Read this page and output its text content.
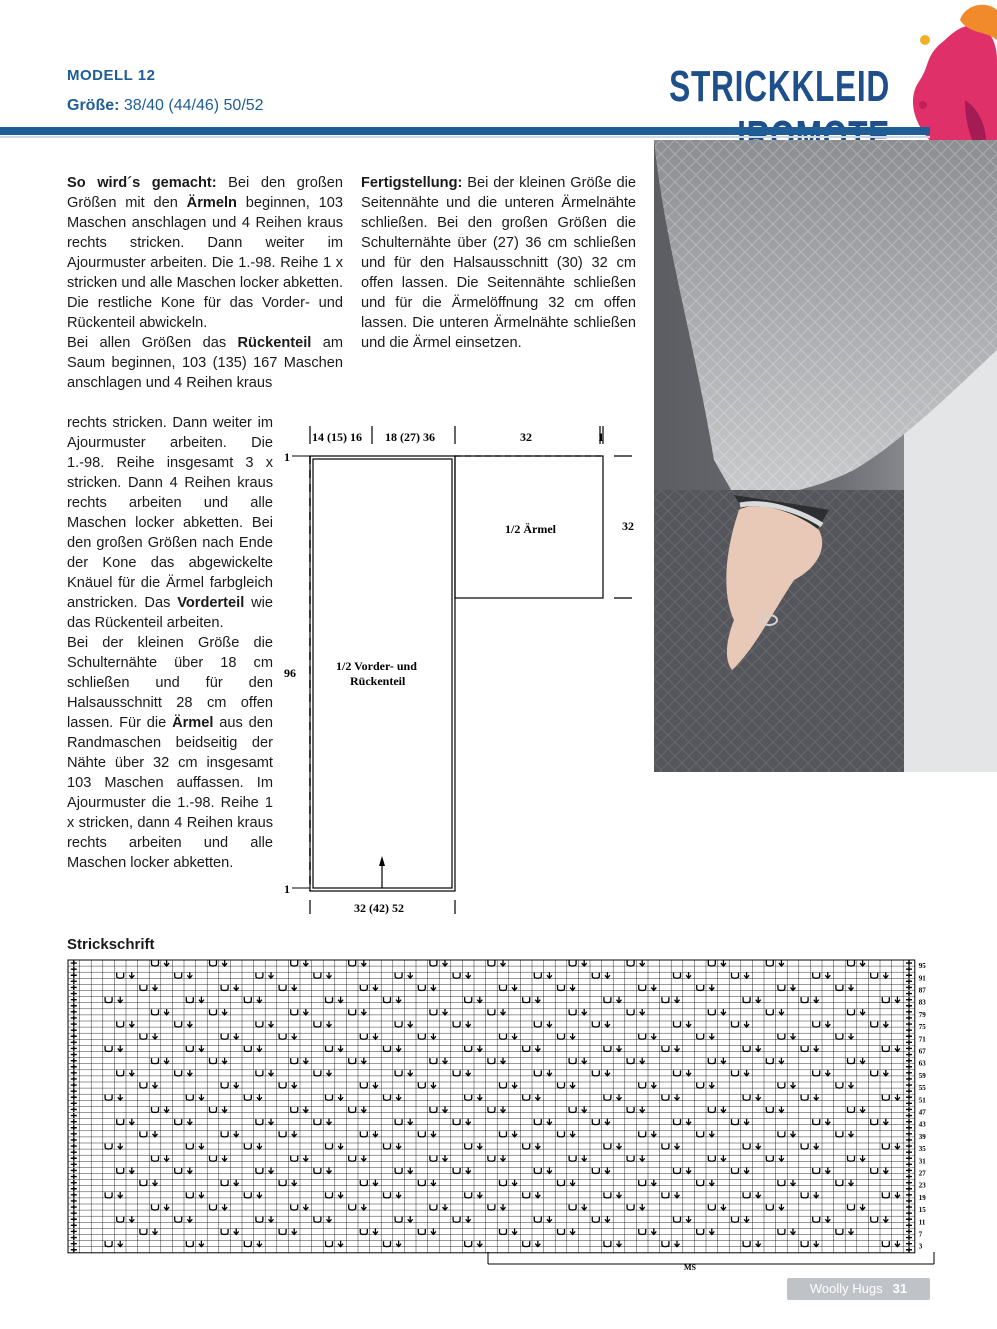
MODELL 12
Größe: 38/40 (44/46) 50/52	STRICKKLEID
So wird´s gemacht: Bei den großen Größen mit den Ärmeln beginnen, 103 Maschen anschlagen und 4 Reihen kraus rechts stricken. Dann weiter im Ajourmuster arbeiten. Die 1.-98. Reihe 1 x stricken und alle Maschen locker abketten. Die restliche Kone für das Vorder- und Rückenteil abwickeln.
Bei allen Größen das Rückenteil am Saum beginnen, 103 (135) 167 Maschen anschlagen und 4 Reihen kraus
rechts stricken. Dann weiter im Ajourmuster arbeiten. Die 1.-98. Reihe insgesamt 3 x stricken. Dann 4 Reihen kraus rechts arbeiten und alle Maschen locker abketten. Bei den großen Größen nach Ende der Kone das abgewickelte Knäuel für die Ärmel farbgleich anstricken. Das Vorderteil wie das Rückenteil arbeiten.
Bei der kleinen Größe die Schulternähte über 18 cm schließen und für den Halsausschnitt 28 cm offen lassen. Für die Ärmel aus den Randmaschen beidseitig der Nähte über 32 cm insgesamt 103 Maschen auffassen. Im Ajourmuster die 1.-98. Reihe 1 x stricken, dann 4 Reihen kraus rechts arbeiten und alle Maschen locker abketten.
Fertigstellung: Bei der kleinen Größe die Seitennähte und die unteren Ärmelnähte schließen. Bei den großen Größen die Schulternähte über (27) 36 cm schließen und für den Halsausschnitt (30) 32 cm offen lassen. Die Seitennähte schließen und für die Ärmelöffnung 32 cm offen lassen. Die unteren Ärmelnähte schließen und die Ärmel einsetzen.
14 (15) 16 18 (27) 36	32	1
1/2 Ärmel	32
1/2 Vorder- und
Rückenteil
96
32 (42) 52
1
1
Strickschrift
95
91
87
83
79
75
71
67
63
59
55
51
47
43
39
35
31
27
23
19
15
11
7
3
MS
Woolly Hugs 31
